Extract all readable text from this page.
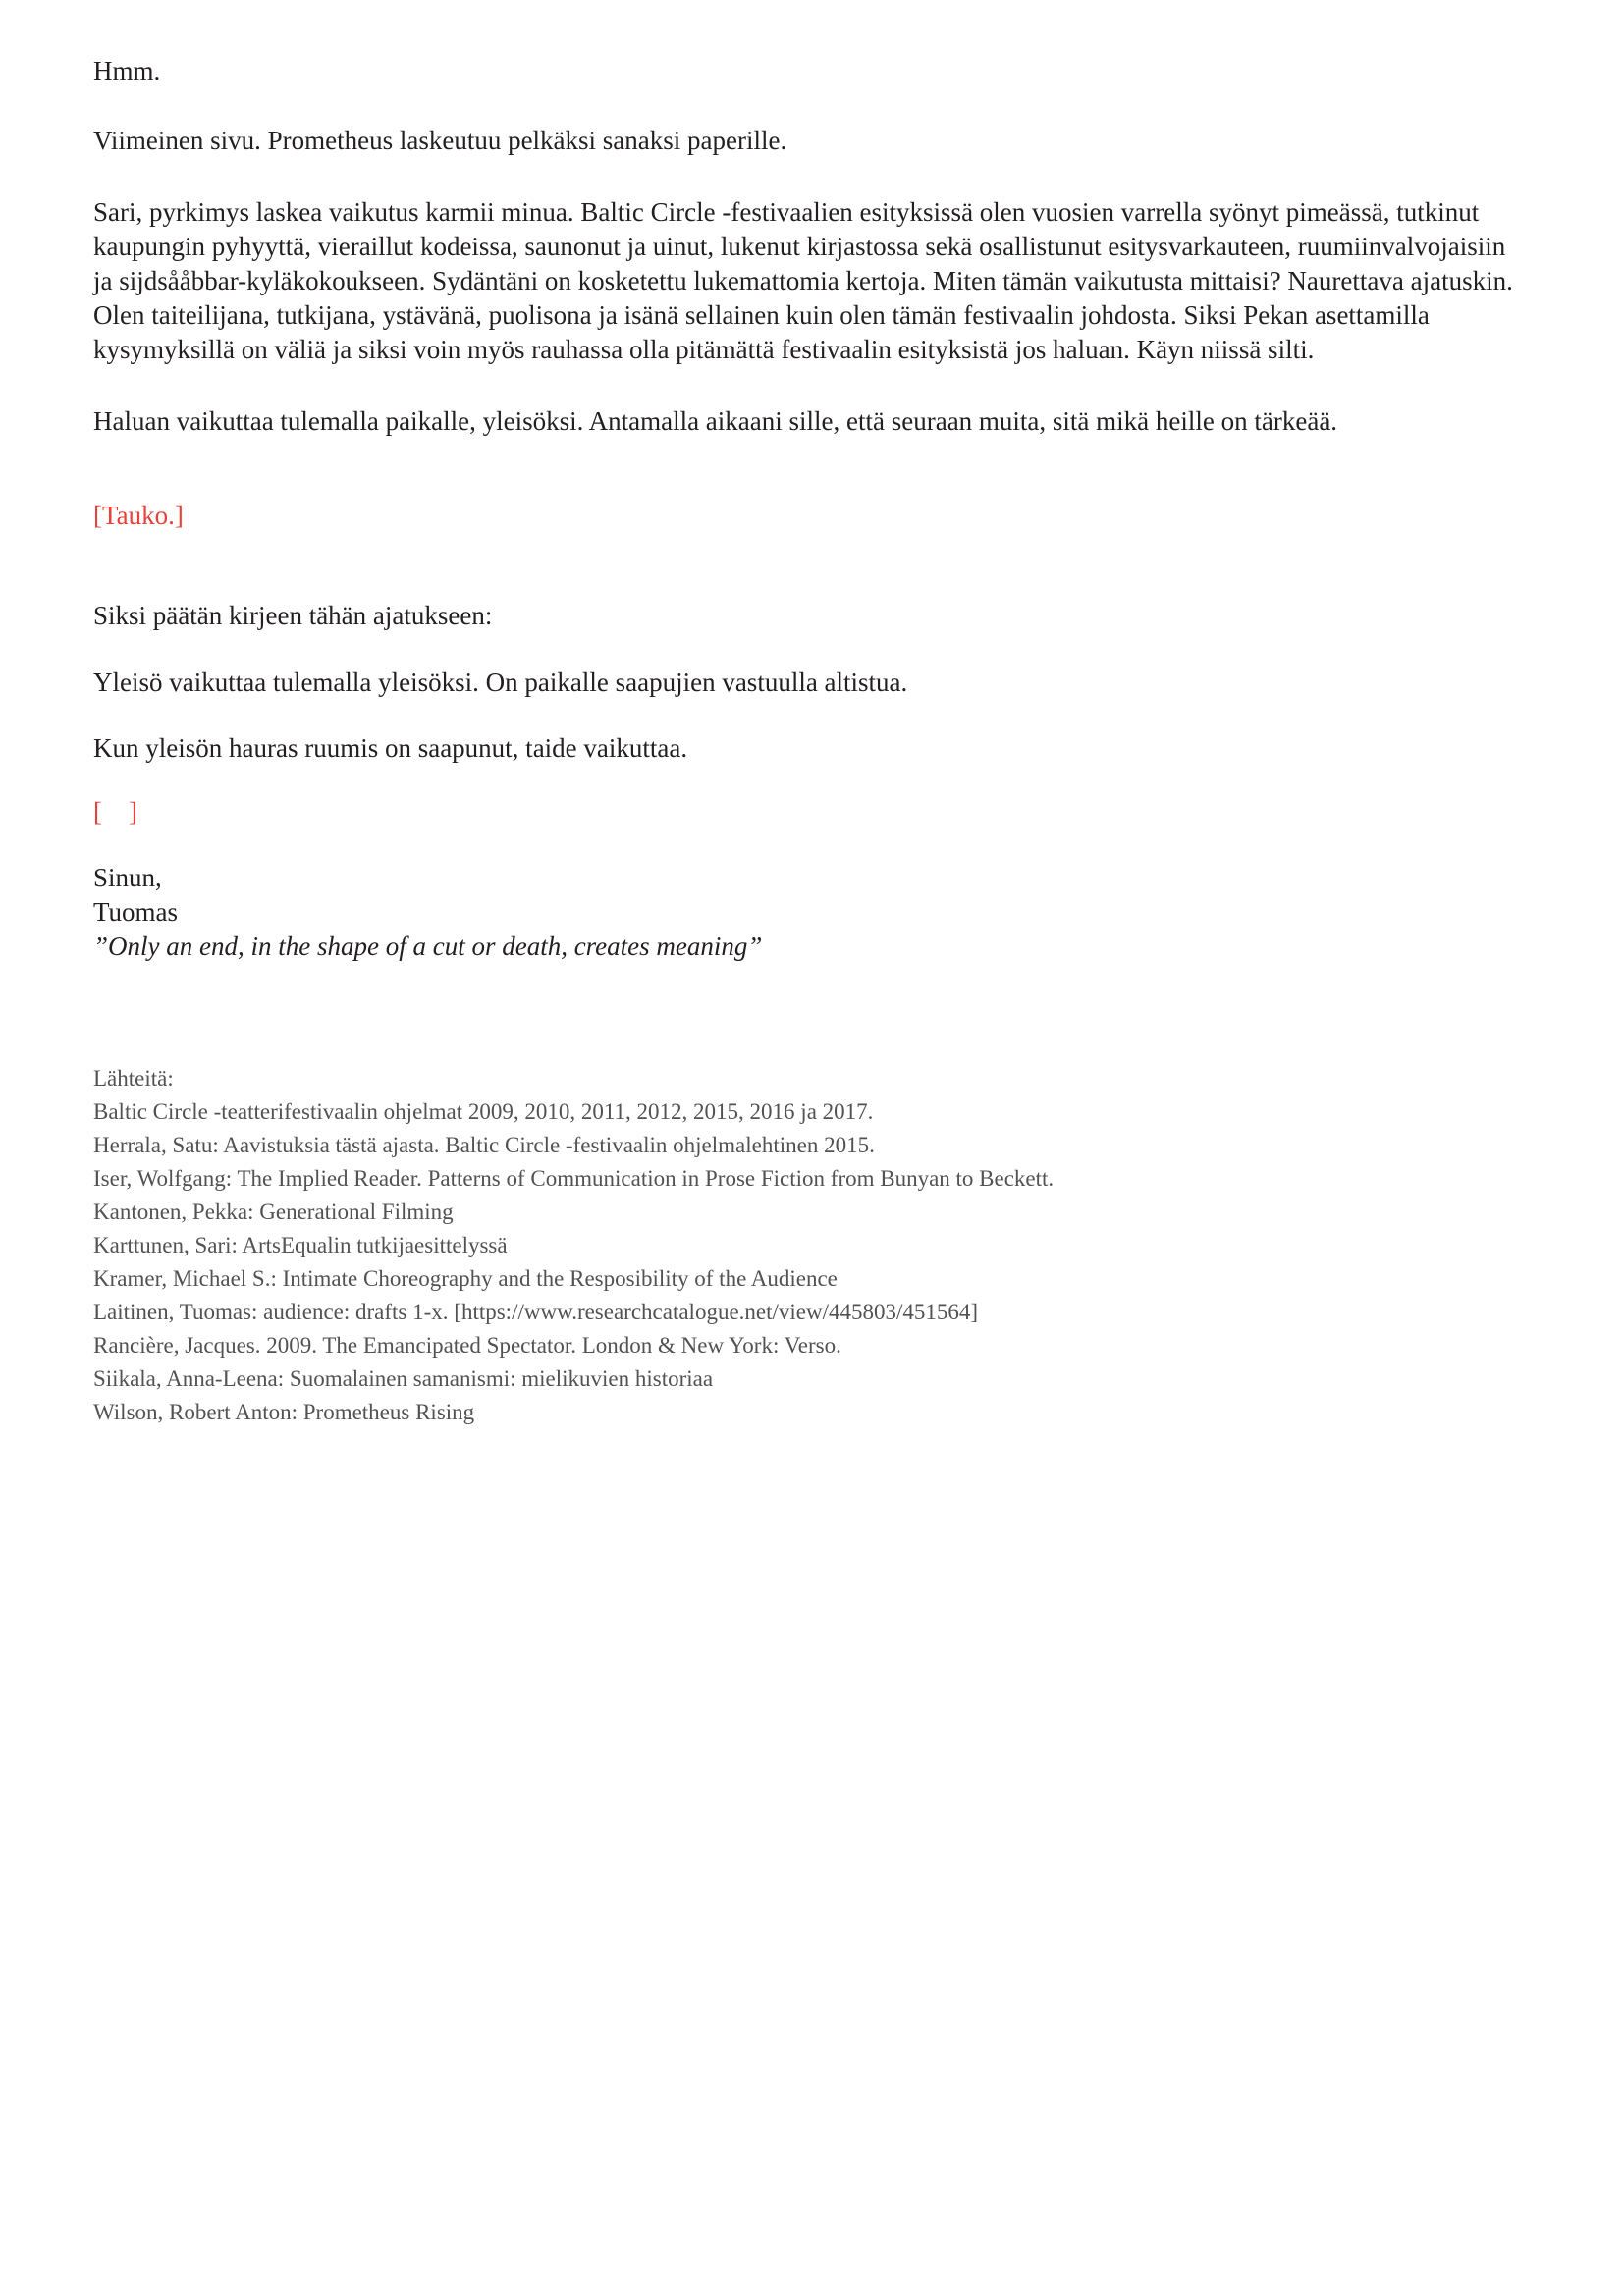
Hmm.

Viimeinen sivu. Prometheus laskeutuu pelkäksi sanaksi paperille.

Sari, pyrkimys laskea vaikutus karmii minua. Baltic Circle -festivaalien esityksissä olen vuosien varrella syönyt pimeässä, tutkinut kaupungin pyhyyttä, vieraillut kodeissa, saunonut ja uinut, lukenut kirjastossa sekä osallistunut esitysvarkauteen, ruumiinvalvojaisiin ja sijdsååbbar-kyläkokoukseen. Sydäntäni on kosketettu lukemattomia kertoja. Miten tämän vaikutusta mittaisi? Naurettava ajatuskin. Olen taiteilijana, tutkijana, ystävänä, puolisona ja isänä sellainen kuin olen tämän festivaalin johdosta. Siksi Pekan asettamilla kysymyksillä on väliä ja siksi voin myös rauhassa olla pitämättä festivaalin esityksistä jos haluan. Käyn niissä silti.

Haluan vaikuttaa tulemalla paikalle, yleisöksi. Antamalla aikaani sille, että seuraan muita, sitä mikä heille on tärkeää.

[Tauko.]

Siksi päätän kirjeen tähän ajatukseen:

Yleisö vaikuttaa tulemalla yleisöksi. On paikalle saapujien vastuulla altistua.

Kun yleisön hauras ruumis on saapunut, taide vaikuttaa.

[    ]

Sinun,

Tuomas

”Only an end, in the shape of a cut or death, creates meaning”

Lähteitä:
Baltic Circle -teatterifestivaalin ohjelmat 2009, 2010, 2011, 2012, 2015, 2016 ja 2017.
Herrala, Satu: Aavistuksia tästä ajasta. Baltic Circle -festivaalin ohjelmalehtinen 2015.
Iser, Wolfgang: The Implied Reader. Patterns of Communication in Prose Fiction from Bunyan to Beckett.
Kantonen, Pekka: Generational Filming
Karttunen, Sari: ArtsEqualin tutkijaesittelyssä
Kramer, Michael S.: Intimate Choreography and the Resposibility of the Audience
Laitinen, Tuomas: audience: drafts 1-x. [https://www.researchcatalogue.net/view/445803/451564]
Rancière, Jacques. 2009. The Emancipated Spectator. London & New York: Verso.
Siikala, Anna-Leena: Suomalainen samanismi: mielikuvien historiaa
Wilson, Robert Anton: Prometheus Rising
